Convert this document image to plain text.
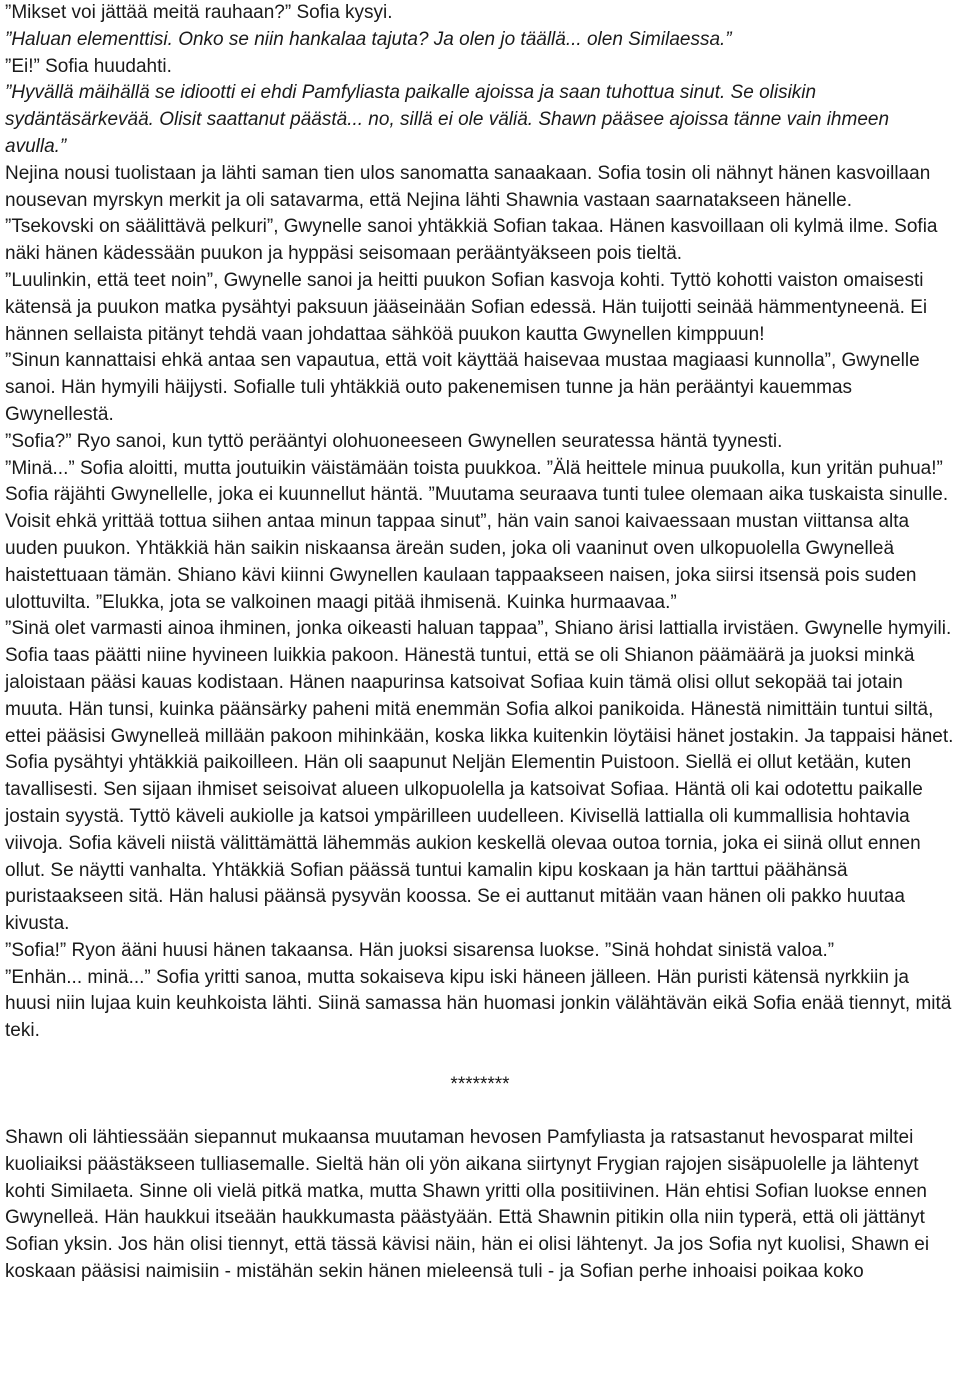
”Mikset voi jättää meitä rauhaan?” Sofia kysyi.

”Haluan elementtisi. Onko se niin hankalaa tajuta? Ja olen jo täällä... olen Similaessa.”

”Ei!” Sofia huudahti.

”Hyvällä mäihällä se idiootti ei ehdi Pamfyliasta paikalle ajoissa ja saan tuhottua sinut. Se olisikin sydäntäsärkevää. Olisit saattanut päästä... no, sillä ei ole väliä. Shawn pääsee ajoissa tänne vain ihmeen avulla.”

Nejina nousi tuolistaan ja lähti saman tien ulos sanomatta sanaakaan. Sofia tosin oli nähnyt hänen kasvoillaan nousevan myrskyn merkit ja oli satavarma, että Nejina lähti Shawnia vastaan saarnatakseen hänelle.

”Tsekovski on säälittävä pelkuri”, Gwynelle sanoi yhtäkkiä Sofian takaa. Hänen kasvoillaan oli kylmä ilme. Sofia näki hänen kädessään puukon ja hyppäsi seisomaan perääntyäkseen pois tieltä.

”Luulinkin, että teet noin”, Gwynelle sanoi ja heitti puukon Sofian kasvoja kohti. Tyttö kohotti vaiston omaisesti kätensä ja puukon matka pysähtyi paksuun jääseinään Sofian edessä. Hän tuijotti seinää hämmentyneenä. Ei hännen sellaista pitänyt tehdä vaan johdattaa sähköä puukon kautta Gwynellen kimppuun!

”Sinun kannattaisi ehkä antaa sen vapautua, että voit käyttää haisevaa mustaa magiaasi kunnolla”, Gwynelle sanoi. Hän hymyili häijysti. Sofialle tuli yhtäkkiä outo pakenemisen tunne ja hän perääntyi kauemmas Gwynellestä.

”Sofia?” Ryo sanoi, kun tyttö perääntyi olohuoneeseen Gwynellen seuratessa häntä tyynesti.

”Minä...” Sofia aloitti, mutta joutuikin väistämään toista puukkoa. ”Älä heittele minua puukolla, kun yritän puhua!” Sofia räjähti Gwynellelle, joka ei kuunnellut häntä. ”Muutama seuraava tunti tulee olemaan aika tuskaista sinulle. Voisit ehkä yrittää tottua siihen antaa minun tappaa sinut”, hän vain sanoi kaivaessaan mustan viittansa alta uuden puukon. Yhtäkkiä hän saikin niskaansa äreän suden, joka oli vaaninut oven ulkopuolella Gwynelleä haistettuaan tämän. Shiano kävi kiinni Gwynellen kaulaan tappaakseen naisen, joka siirsi itsensä pois suden ulottuvilta. ”Elukka, jota se valkoinen maagi pitää ihmisenä. Kuinka hurmaavaa.”

”Sinä olet varmasti ainoa ihminen, jonka oikeasti haluan tappaa”, Shiano ärisi lattialla irvistäen. Gwynelle hymyili. Sofia taas päätti niine hyvineen luikkia pakoon. Hänestä tuntui, että se oli Shianon päämäärä ja juoksi minkä jaloistaan pääsi kauas kodistaan. Hänen naapurinsa katsoivat Sofiaa kuin tämä olisi ollut sekopää tai jotain muuta. Hän tunsi, kuinka päänsärky paheni mitä enemmän Sofia alkoi panikoida. Hänestä nimittäin tuntui siltä, ettei pääsisi Gwynelleä millään pakoon mihinkään, koska likka kuitenkin löytäisi hänet jostakin. Ja tappaisi hänet. Sofia pysähtyi yhtäkkiä paikoilleen. Hän oli saapunut Neljän Elementin Puistoon. Siellä ei ollut ketään, kuten tavallisesti. Sen sijaan ihmiset seisoivat alueen ulkopuolella ja katsoivat Sofiaa. Häntä oli kai odotettu paikalle jostain syystä. Tyttö käveli aukiolle ja katsoi ympärilleen uudelleen. Kivisellä lattialla oli kummallisia hohtavia viivoja. Sofia käveli niistä välittämättä lähemmäs aukion keskellä olevaa outoa tornia, joka ei siinä ollut ennen ollut. Se näytti vanhalta. Yhtäkkiä Sofian päässä tuntui kamalin kipu koskaan ja hän tarttui päähänsä puristaakseen sitä. Hän halusi päänsä pysyvän koossa. Se ei auttanut mitään vaan hänen oli pakko huutaa kivusta.

”Sofia!” Ryon ääni huusi hänen takaansa. Hän juoksi sisarensa luokse. ”Sinä hohdat sinistä valoa.”

”Enhän... minä...” Sofia yritti sanoa, mutta sokaiseva kipu iski häneen jälleen. Hän puristi kätensä nyrkkiin ja huusi niin lujaa kuin keuhkoista lähti. Siinä samassa hän huomasi jonkin välähtävän eikä Sofia enää tiennyt, mitä teki.

********

Shawn oli lähtiessään siepannut mukaansa muutaman hevosen Pamfyliasta ja ratsastanut hevosparat miltei kuoliaiksi päästäkseen tulliasemalle. Sieltä hän oli yön aikana siirtynyt Frygian rajojen sisäpuolelle ja lähtenyt kohti Similaeta. Sinne oli vielä pitkä matka, mutta Shawn yritti olla positiivinen. Hän ehtisi Sofian luokse ennen Gwynelleä. Hän haukkui itseään haukkumasta päästyään. Että Shawnin pitikin olla niin typerä, että oli jättänyt Sofian yksin. Jos hän olisi tiennyt, että tässä kävisi näin, hän ei olisi lähtenyt. Ja jos Sofia nyt kuolisi, Shawn ei koskaan pääsisi naimisiin - mistähän sekin hänen mieleensä tuli - ja Sofian perhe inhoaisi poikaa koko
